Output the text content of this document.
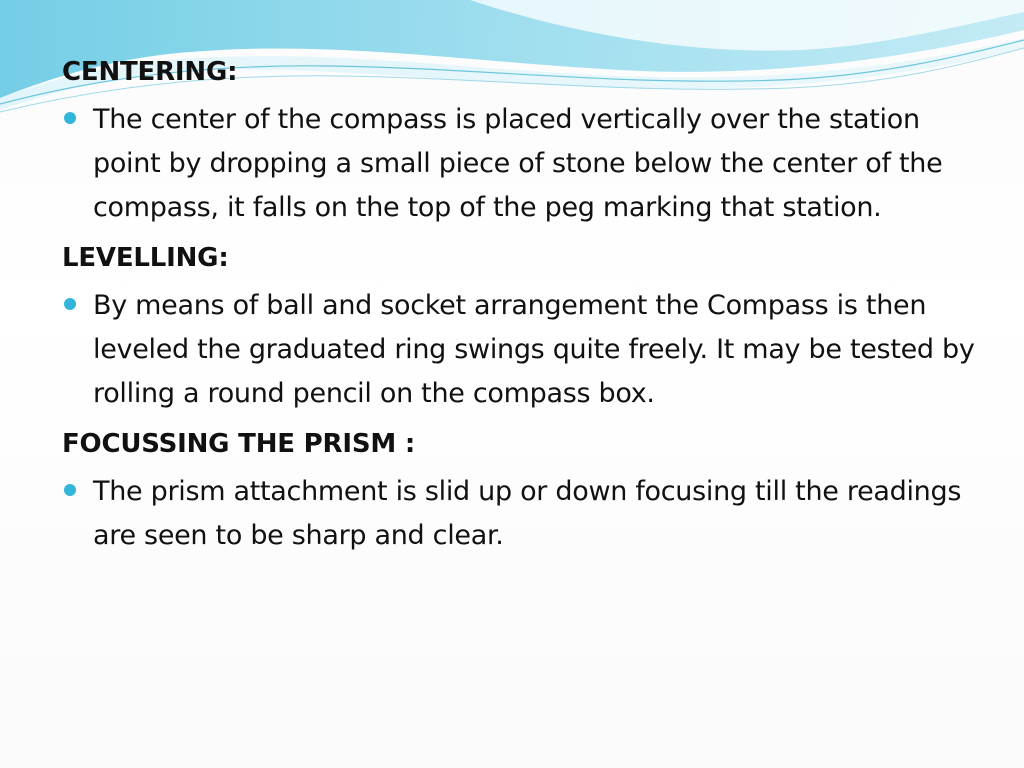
CENTERING:
The center of the compass is placed vertically over the station point by dropping a small piece of stone below the center of the compass, it falls on the top of the peg marking that station.
LEVELLING:
By means of ball and socket arrangement the Compass is then leveled the graduated ring swings quite freely. It may be tested by rolling a round pencil on the compass box.
FOCUSSING THE PRISM :
The prism attachment is slid up or down focusing till the readings are seen to be sharp and clear.
